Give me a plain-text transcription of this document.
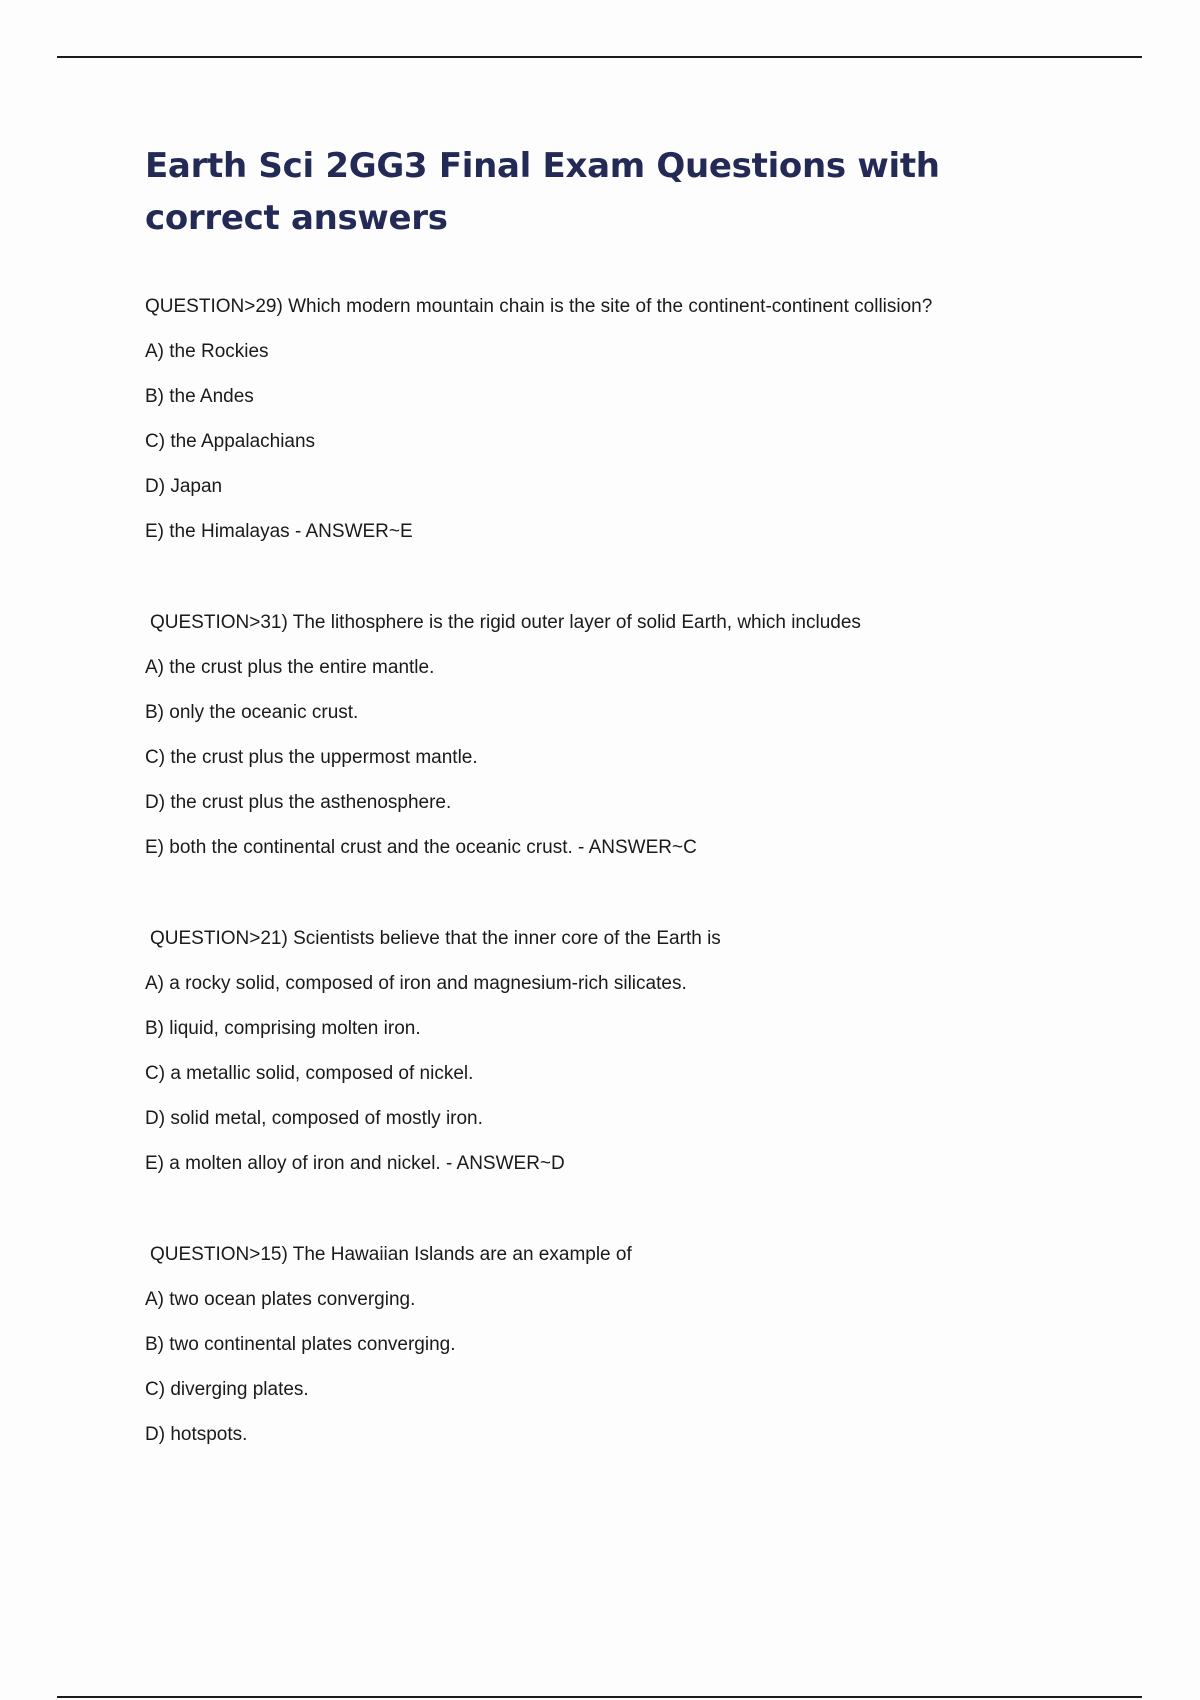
Earth Sci 2GG3 Final Exam Questions with correct answers
QUESTION>29) Which modern mountain chain is the site of the continent-continent collision?
A) the Rockies
B) the Andes
C) the Appalachians
D) Japan
E) the Himalayas - ANSWER~E
QUESTION>31) The lithosphere is the rigid outer layer of solid Earth, which includes
A) the crust plus the entire mantle.
B) only the oceanic crust.
C) the crust plus the uppermost mantle.
D) the crust plus the asthenosphere.
E) both the continental crust and the oceanic crust. - ANSWER~C
QUESTION>21) Scientists believe that the inner core of the Earth is
A) a rocky solid, composed of iron and magnesium-rich silicates.
B) liquid, comprising molten iron.
C) a metallic solid, composed of nickel.
D) solid metal, composed of mostly iron.
E) a molten alloy of iron and nickel. - ANSWER~D
QUESTION>15) The Hawaiian Islands are an example of
A) two ocean plates converging.
B) two continental plates converging.
C) diverging plates.
D) hotspots.
